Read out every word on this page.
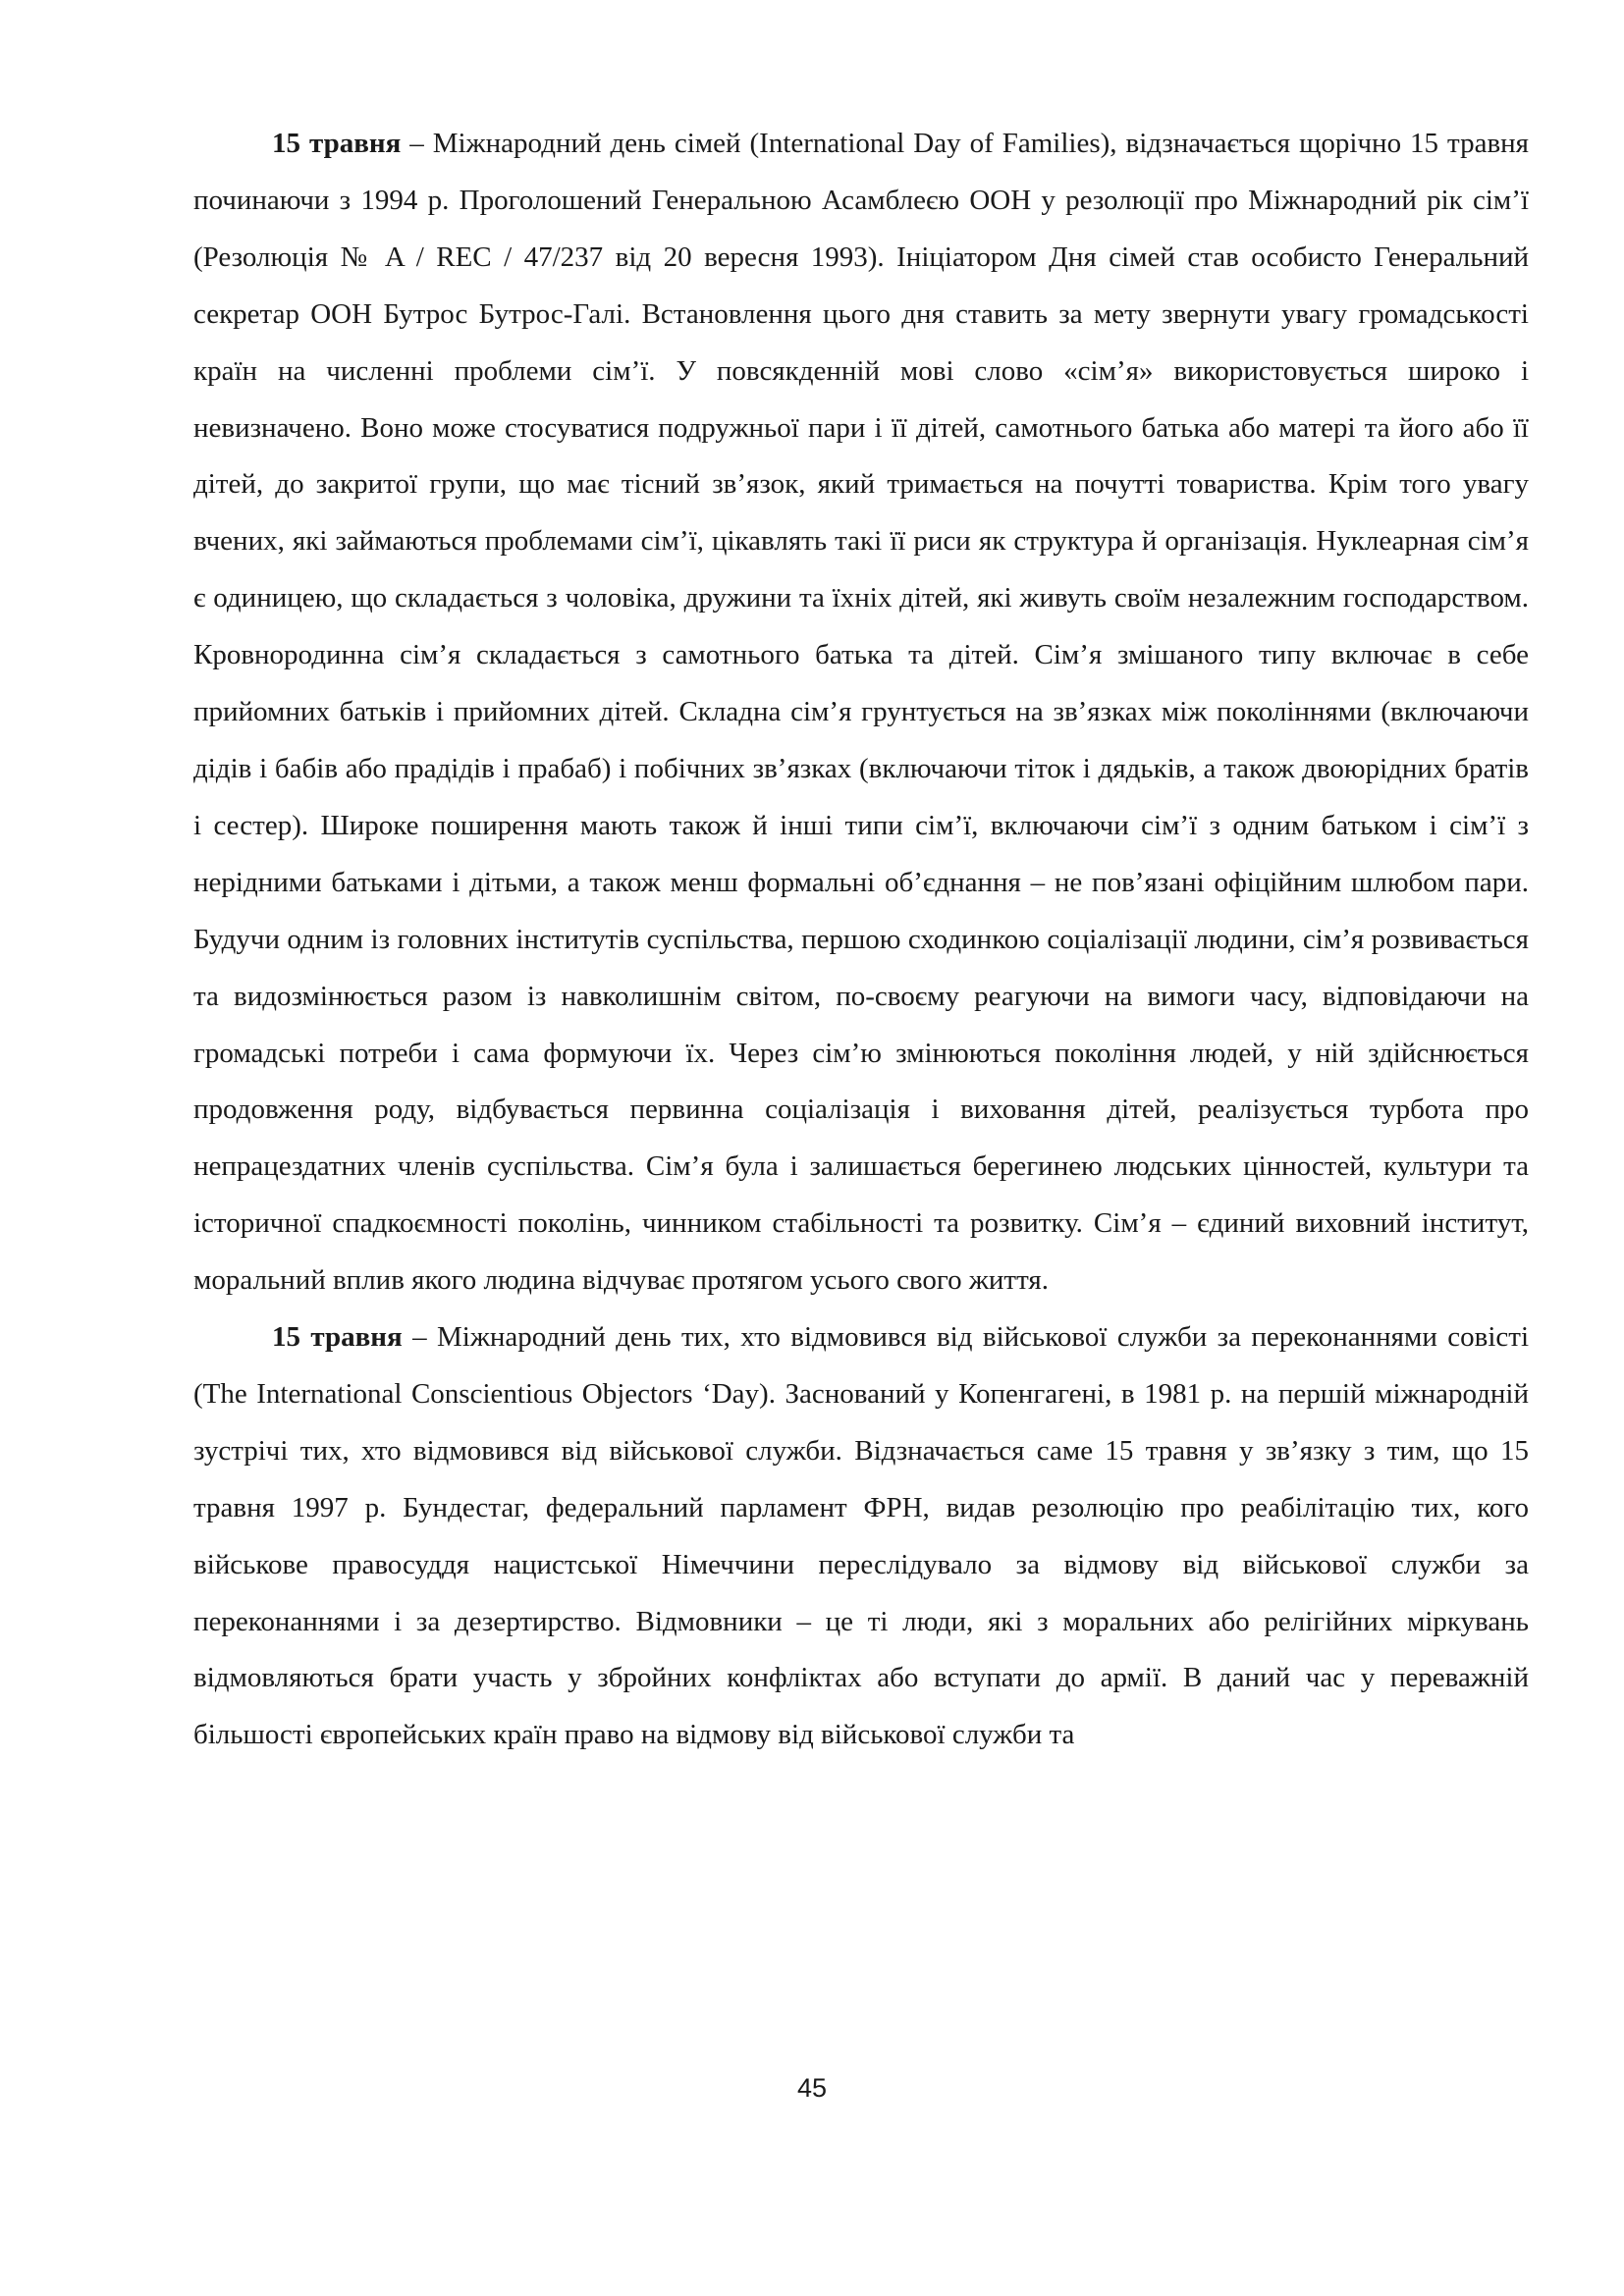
15 травня – Міжнародний день сімей (International Day of Families), відзначається щорічно 15 травня починаючи з 1994 р. Проголошений Генеральною Асамблеєю ООН у резолюції про Міжнародний рік сім’ї (Резолюція № A / REC / 47/237 від 20 вересня 1993). Ініціатором Дня сімей став особисто Генеральний секретар ООН Бутрос Бутрос-Галі. Встановлення цього дня ставить за мету звернути увагу громадськості країн на численні проблеми сім’ї. У повсякденній мові слово «сім’я» використовується широко і невизначено. Воно може стосуватися подружньої пари і її дітей, самотнього батька або матері та його або її дітей, до закритої групи, що має тісний зв’язок, який тримається на почутті товариства. Крім того увагу вчених, які займаються проблемами сім’ї, цікавлять такі її риси як структура й організація. Нуклеарная сім’я є одиницею, що складається з чоловіка, дружини та їхніх дітей, які живуть своїм незалежним господарством. Кровнородинна сім’я складається з самотнього батька та дітей. Сім’я змішаного типу включає в себе прийомних батьків і прийомних дітей. Складна сім’я грунтується на зв’язках між поколіннями (включаючи дідів і бабів або прадідів і прабаб) і побічних зв’язках (включаючи тіток і дядьків, а також двоюрідних братів і сестер). Широке поширення мають також й інші типи сім’ї, включаючи сім’ї з одним батьком і сім’ї з нерідними батьками і дітьми, а також менш формальні об’єднання – не пов’язані офіційним шлюбом пари. Будучи одним із головних інститутів суспільства, першою сходинкою соціалізації людини, сім’я розвивається та видозмінюється разом із навколишнім світом, по-своєму реагуючи на вимоги часу, відповідаючи на громадські потреби і сама формуючи їх. Через сім’ю змінюються покоління людей, у ній здійснюється продовження роду, відбувається первинна соціалізація і виховання дітей, реалізується турбота про непрацездатних членів суспільства. Сім’я була і залишається берегинею людських цінностей, культури та історичної спадкоємності поколінь, чинником стабільності та розвитку. Сім’я – єдиний виховний інститут, моральний вплив якого людина відчуває протягом усього свого життя.

15 травня – Міжнародний день тих, хто відмовився від військової служби за переконаннями совісті (The International Conscientious Objectors ‘Day). Заснований у Копенгагені, в 1981 р. на першій міжнародній зустрічі тих, хто відмовився від військової служби. Відзначається саме 15 травня у зв’язку з тим, що 15 травня 1997 р. Бундестаг, федеральний парламент ФРН, видав резолюцію про реабілітацію тих, кого військове правосуддя нацистської Німеччини переслідувало за відмову від військової служби за переконаннями і за дезертирство. Відмовники – це ті люди, які з моральних або релігійних міркувань відмовляються брати участь у збройних конфліктах або вступати до армії. В даний час у переважній більшості європейських країн право на відмову від військової служби та

45
